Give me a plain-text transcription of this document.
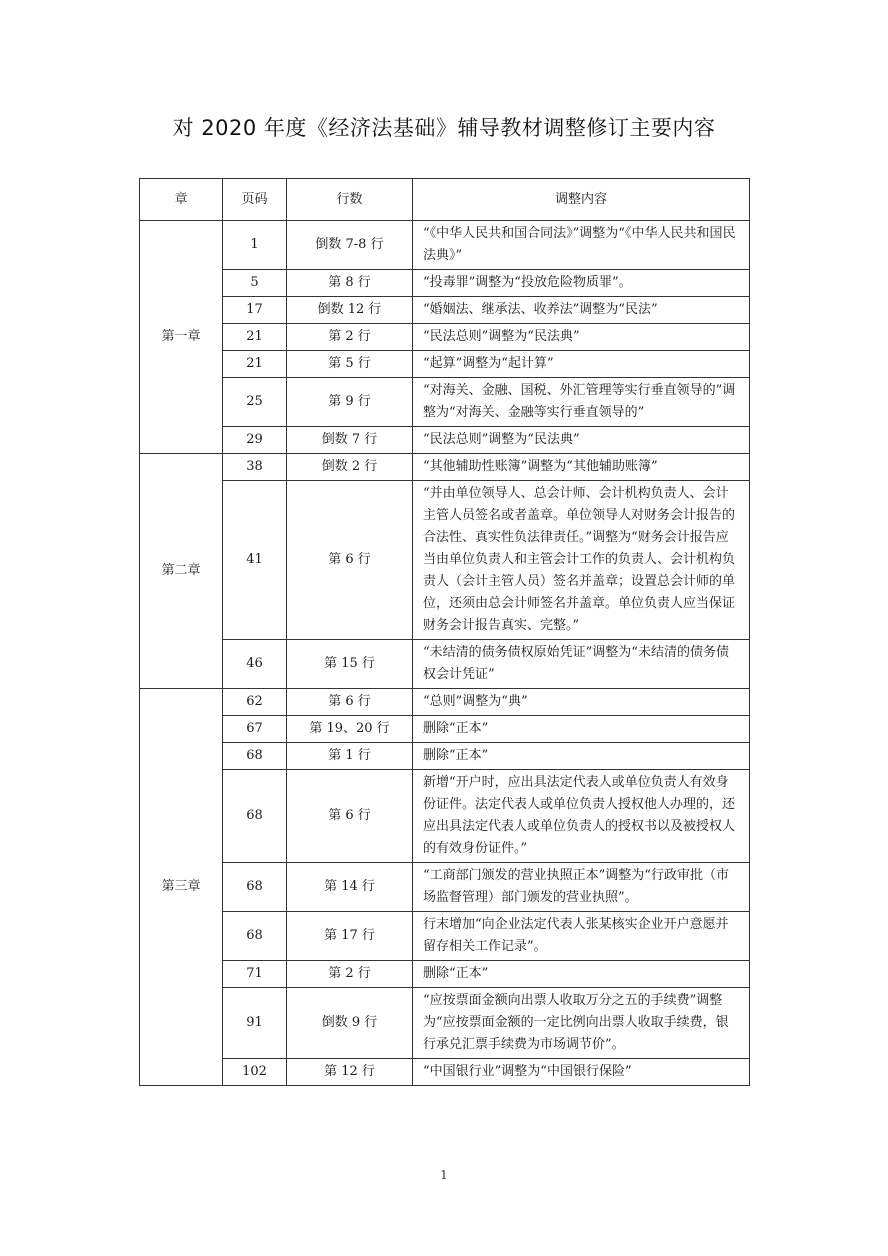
对 2020 年度《经济法基础》辅导教材调整修订主要内容
章	页码	行数	调整内容
第一章	1	倒数 7-8 行	“《中华人民共和国合同法》”调整为“《中华人民共和国民法典》”
	5	第 8 行	“投毒罪”调整为“投放危险物质罪”。
	17	倒数 12 行	“婚姻法、继承法、收养法”调整为“民法”
	21	第 2 行	“民法总则”调整为“民法典”
	21	第 5 行	“起算”调整为“起计算”
	25	第 9 行	“对海关、金融、国税、外汇管理等实行垂直领导的”调整为“对海关、金融等实行垂直领导的”
	29	倒数 7 行	“民法总则”调整为“民法典”
第二章	38	倒数 2 行	“其他辅助性账簿”调整为“其他辅助账簿”
	41	第 6 行	“并由单位领导人、总会计师、会计机构负责人、会计主管人员签名或者盖章。单位领导人对财务会计报告的合法性、真实性负法律责任。”调整为“财务会计报告应当由单位负责人和主管会计工作的负责人、会计机构负责人（会计主管人员）签名并盖章；设置总会计师的单位，还须由总会计师签名并盖章。单位负责人应当保证财务会计报告真实、完整。”
	46	第 15 行	“未结清的债务债权原始凭证”调整为“未结清的债务债权会计凭证”
第三章	62	第 6 行	“总则”调整为“典”
	67	第 19、20 行	删除“正本”
	68	第 1 行	删除“正本”
	68	第 6 行	新增“开户时，应出具法定代表人或单位负责人有效身份证件。法定代表人或单位负责人授权他人办理的，还应出具法定代表人或单位负责人的授权书以及被授权人的有效身份证件。”
	68	第 14 行	“工商部门颁发的营业执照正本”调整为“行政审批（市场监督管理）部门颁发的营业执照”。
	68	第 17 行	行末增加“向企业法定代表人张某核实企业开户意愿并留存相关工作记录”。
	71	第 2 行	删除“正本”
	91	倒数 9 行	“应按票面金额向出票人收取万分之五的手续费”调整为“应按票面金额的一定比例向出票人收取手续费，银行承兑汇票手续费为市场调节价”。
	102	第 12 行	“中国银行业”调整为“中国银行保险”
1
